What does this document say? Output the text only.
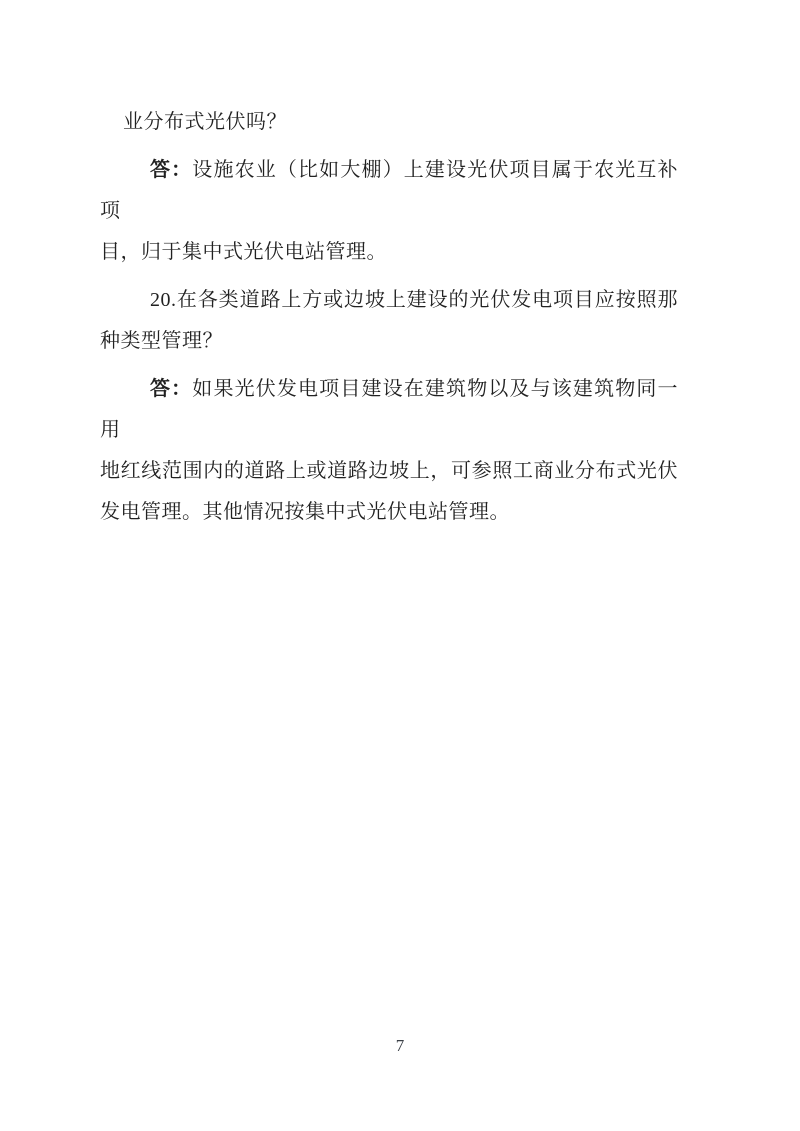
业分布式光伏吗？
答：设施农业（比如大棚）上建设光伏项目属于农光互补项
目，归于集中式光伏电站管理。
20.在各类道路上方或边坡上建设的光伏发电项目应按照那
种类型管理？
答：如果光伏发电项目建设在建筑物以及与该建筑物同一用
地红线范围内的道路上或道路边坡上，可参照工商业分布式光伏
发电管理。其他情况按集中式光伏电站管理。
7
